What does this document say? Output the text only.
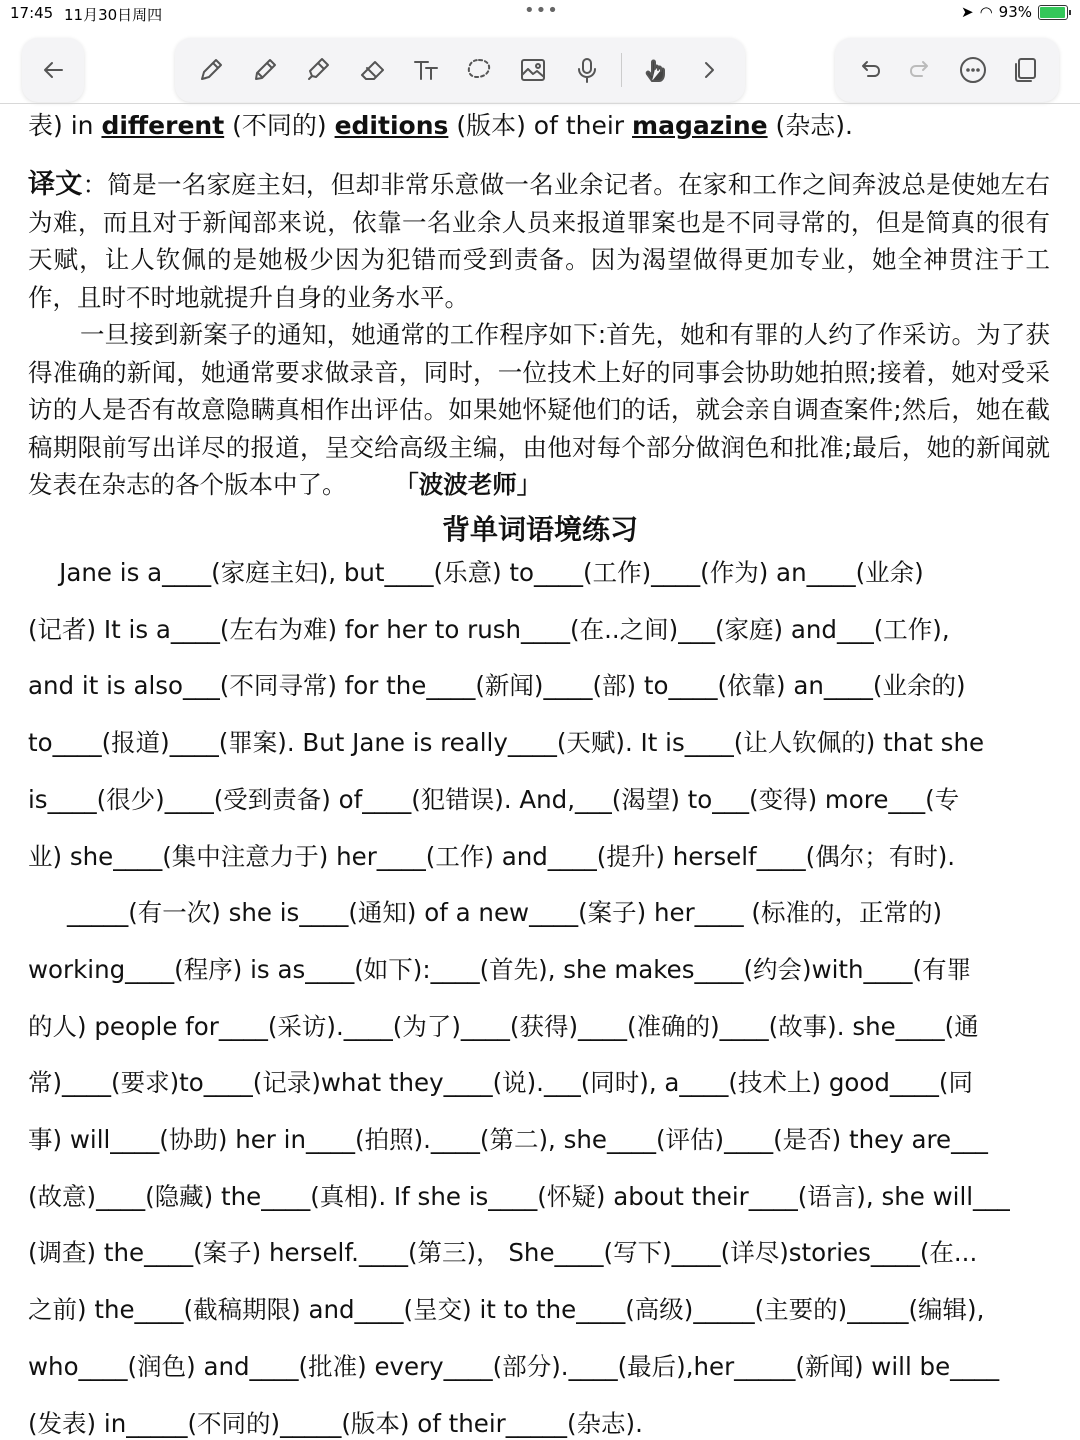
17:45 11月30日周四	•••	➤ ◠ 93%
表) in different (不同的) editions (版本) of their magazine (杂志).

译文：简是一名家庭主妇，但却非常乐意做一名业余记者。在家和工作之间奔波总是使她左右为难，而且对于新闻部来说，依靠一名业余人员来报道罪案也是不同寻常的，但是简真的很有天赋，让人钦佩的是她极少因为犯错而受到责备。因为渴望做得更加专业，她全神贯注于工作，且时不时地就提升自身的业务水平。

一旦接到新案子的通知，她通常的工作程序如下:首先，她和有罪的人约了作采访。为了获得准确的新闻，她通常要求做录音，同时，一位技术上好的同事会协助她拍照;接着，她对受采访的人是否有故意隐瞒真相作出评估。如果她怀疑他们的话，就会亲自调查案件;然后，她在截稿期限前写出详尽的报道，呈交给高级主编，由他对每个部分做润色和批准;最后，她的新闻就发表在杂志的各个版本中了。 「波波老师」

背单词语境练习
Jane is a____(家庭主妇), but____(乐意) to____(工作)____(作为) an____(业余)
(记者) It is a____(左右为难) for her to rush____(在..之间)___(家庭) and___(工作),
and it is also___(不同寻常) for the____(新闻)____(部) to____(依靠) an____(业余的)
to____(报道)____(罪案). But Jane is really____(天赋). It is____(让人钦佩的) that she
is____(很少)____(受到责备) of____(犯错误). And,___(渴望) to___(变得) more___(专
业) she____(集中注意力于) her____(工作) and____(提升) herself____(偶尔；有时).
_____(有一次) she is____(通知) of a new____(案子) her____ (标准的，正常的)
working____(程序) is as____(如下):____(首先), she makes____(约会)with____(有罪
的人) people for____(采访).____(为了)____(获得)____(准确的)____(故事). she____(通
常)____(要求)to____(记录)what they____(说).___(同时), a____(技术上) good____(同
事) will____(协助) her in____(拍照).____(第二), she____(评估)____(是否) they are___
(故意)____(隐藏) the____(真相). If she is____(怀疑) about their____(语言), she will___
(调查) the____(案子) herself.____(第三)， She____(写下)____(详尽)stories____(在...
之前) the____(截稿期限) and____(呈交) it to the____(高级)_____(主要的)_____(编辑),
who____(润色) and____(批准) every____(部分).____(最后),her_____(新闻) will be____
(发表) in_____(不同的)_____(版本) of their_____(杂志).
